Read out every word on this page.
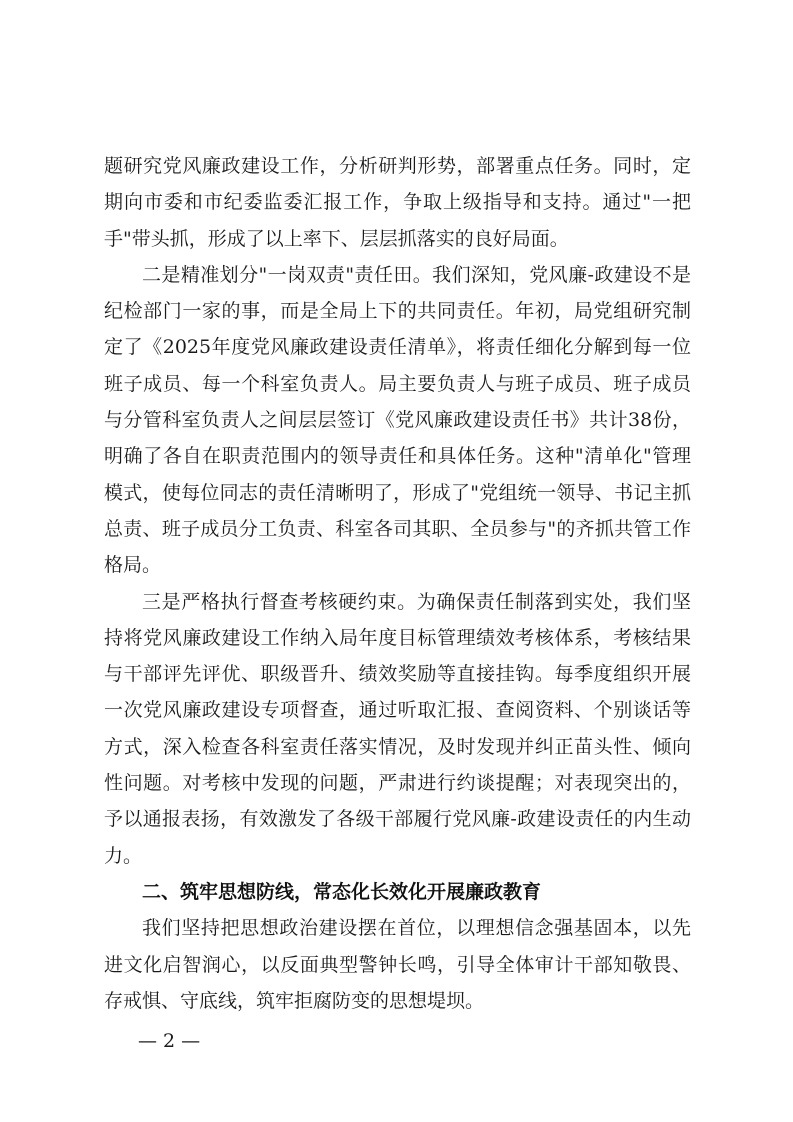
题研究党风廉政建设工作，分析研判形势，部署重点任务。同时，定期向市委和市纪委监委汇报工作，争取上级指导和支持。通过"一把手"带头抓，形成了以上率下、层层抓落实的良好局面。

二是精准划分"一岗双责"责任田。我们深知，党风廉-政建设不是纪检部门一家的事，而是全局上下的共同责任。年初，局党组研究制定了《2025年度党风廉政建设责任清单》，将责任细化分解到每一位班子成员、每一个科室负责人。局主要负责人与班子成员、班子成员与分管科室负责人之间层层签订《党风廉政建设责任书》共计38份，明确了各自在职责范围内的领导责任和具体任务。这种"清单化"管理模式，使每位同志的责任清晰明了，形成了"党组统一领导、书记主抓总责、班子成员分工负责、科室各司其职、全员参与"的齐抓共管工作格局。

三是严格执行督查考核硬约束。为确保责任制落到实处，我们坚持将党风廉政建设工作纳入局年度目标管理绩效考核体系，考核结果与干部评先评优、职级晋升、绩效奖励等直接挂钩。每季度组织开展一次党风廉政建设专项督查，通过听取汇报、查阅资料、个别谈话等方式，深入检查各科室责任落实情况，及时发现并纠正苗头性、倾向性问题。对考核中发现的问题，严肃进行约谈提醒；对表现突出的，予以通报表扬，有效激发了各级干部履行党风廉-政建设责任的内生动力。

二、筑牢思想防线，常态化长效化开展廉政教育

我们坚持把思想政治建设摆在首位，以理想信念强基固本，以先进文化启智润心，以反面典型警钟长鸣，引导全体审计干部知敬畏、存戒惧、守底线，筑牢拒腐防变的思想堤坝。

— 2 —
